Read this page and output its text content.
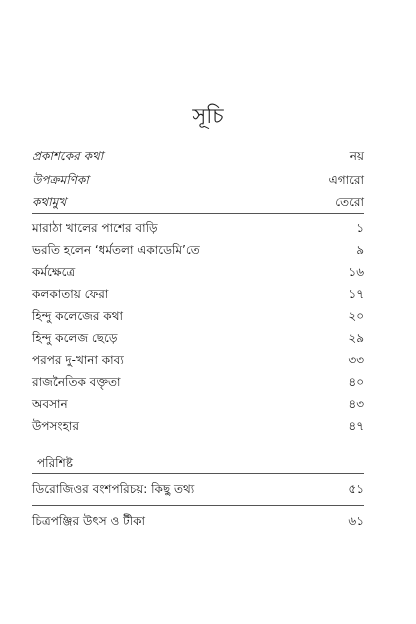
সূচি
প্রকাশকের কথা	নয়
উপক্রমণিকা	এগারো
কথামুখ	তেরো
মারাঠা খালের পাশের বাড়ি	১
ভরতি হলেন ‘ধর্মতলা একাডেমি’তে	৯
কর্মক্ষেত্রে	১৬
কলকাতায় ফেরা	১৭
হিন্দু কলেজের কথা	২০
হিন্দু কলেজ ছেড়ে	২৯
পরপর দু-খানা কাব্য	৩৩
রাজনৈতিক বক্তৃতা	৪০
অবসান	৪৩
উপসংহার	৪৭
পরিশিষ্ট
ডিরোজিওর বংশপরিচয়: কিছু তথ্য	৫১
চিত্রপঞ্জির উৎস ও টীকা	৬১
